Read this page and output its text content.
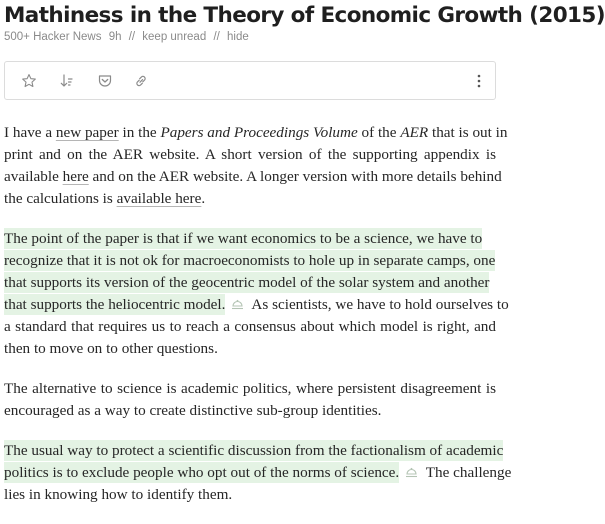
Mathiness in the Theory of Economic Growth (2015)
500+ Hacker News 9h // keep unread // hide
I have a new paper in the Papers and Proceedings Volume of the AER that is out in
print and on the AER website. A short version of the supporting appendix is
available here and on the AER website. A longer version with more details behind
the calculations is available here.
The point of the paper is that if we want economics to be a science, we have to
recognize that it is not ok for macroeconomists to hole up in separate camps, one
that supports its version of the geocentric model of the solar system and another
that supports the heliocentric model. As scientists, we have to hold ourselves to
a standard that requires us to reach a consensus about which model is right, and
then to move on to other questions.
The alternative to science is academic politics, where persistent disagreement is
encouraged as a way to create distinctive sub-group identities.
The usual way to protect a scientific discussion from the factionalism of academic
politics is to exclude people who opt out of the norms of science. The challenge
lies in knowing how to identify them.
